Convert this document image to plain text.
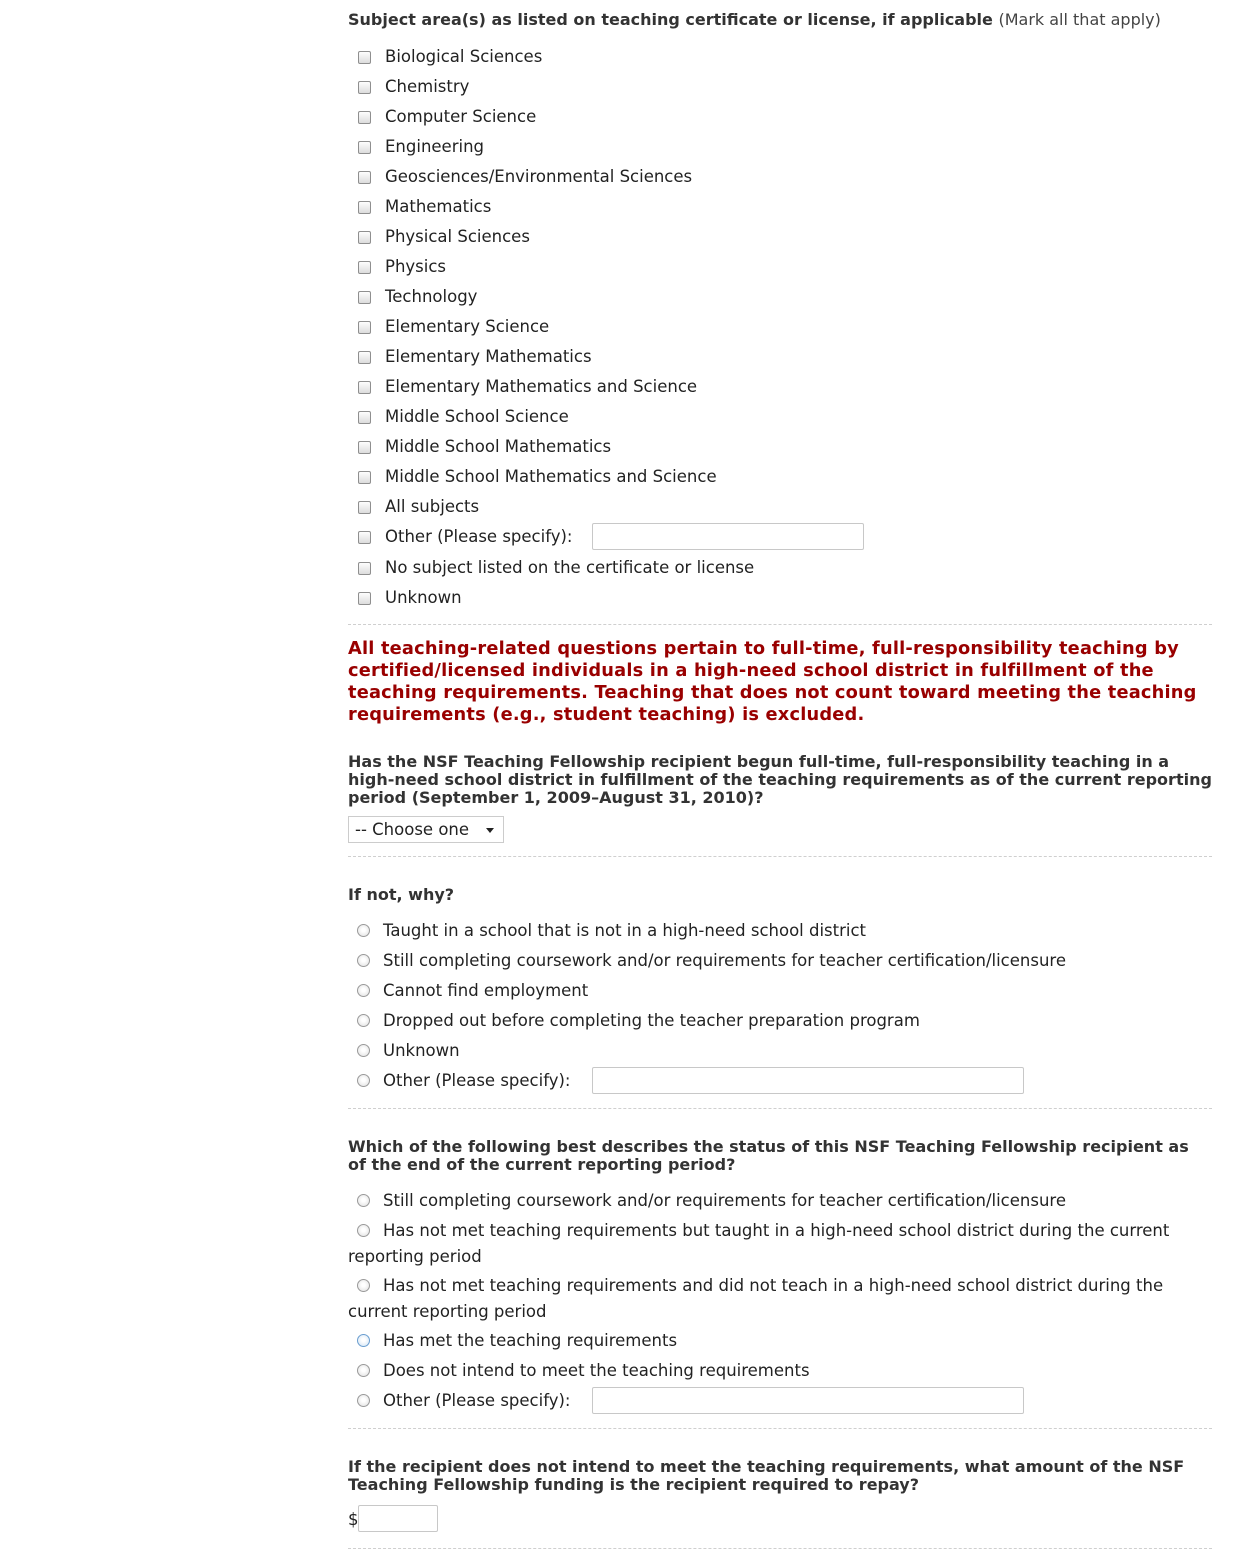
Subject area(s) as listed on teaching certificate or license, if applicable (Mark all that apply)

Biological Sciences
Chemistry
Computer Science
Engineering
Geosciences/Environmental Sciences
Mathematics
Physical Sciences
Physics
Technology
Elementary Science
Elementary Mathematics
Elementary Mathematics and Science
Middle School Science
Middle School Mathematics
Middle School Mathematics and Science
All subjects
Other (Please specify):
No subject listed on the certificate or license
Unknown

All teaching-related questions pertain to full-time, full-responsibility teaching by certified/licensed individuals in a high-need school district in fulfillment of the teaching requirements. Teaching that does not count toward meeting the teaching requirements (e.g., student teaching) is excluded.

Has the NSF Teaching Fellowship recipient begun full-time, full-responsibility teaching in a high-need school district in fulfillment of the teaching requirements as of the current reporting period (September 1, 2009–August 31, 2010)?

-- Choose one

If not, why?

Taught in a school that is not in a high-need school district
Still completing coursework and/or requirements for teacher certification/licensure
Cannot find employment
Dropped out before completing the teacher preparation program
Unknown
Other (Please specify):

Which of the following best describes the status of this NSF Teaching Fellowship recipient as of the end of the current reporting period?

Still completing coursework and/or requirements for teacher certification/licensure
Has not met teaching requirements but taught in a high-need school district during the current reporting period
Has not met teaching requirements and did not teach in a high-need school district during the current reporting period
Has met the teaching requirements
Does not intend to meet the teaching requirements
Other (Please specify):

If the recipient does not intend to meet the teaching requirements, what amount of the NSF Teaching Fellowship funding is the recipient required to repay?

$
